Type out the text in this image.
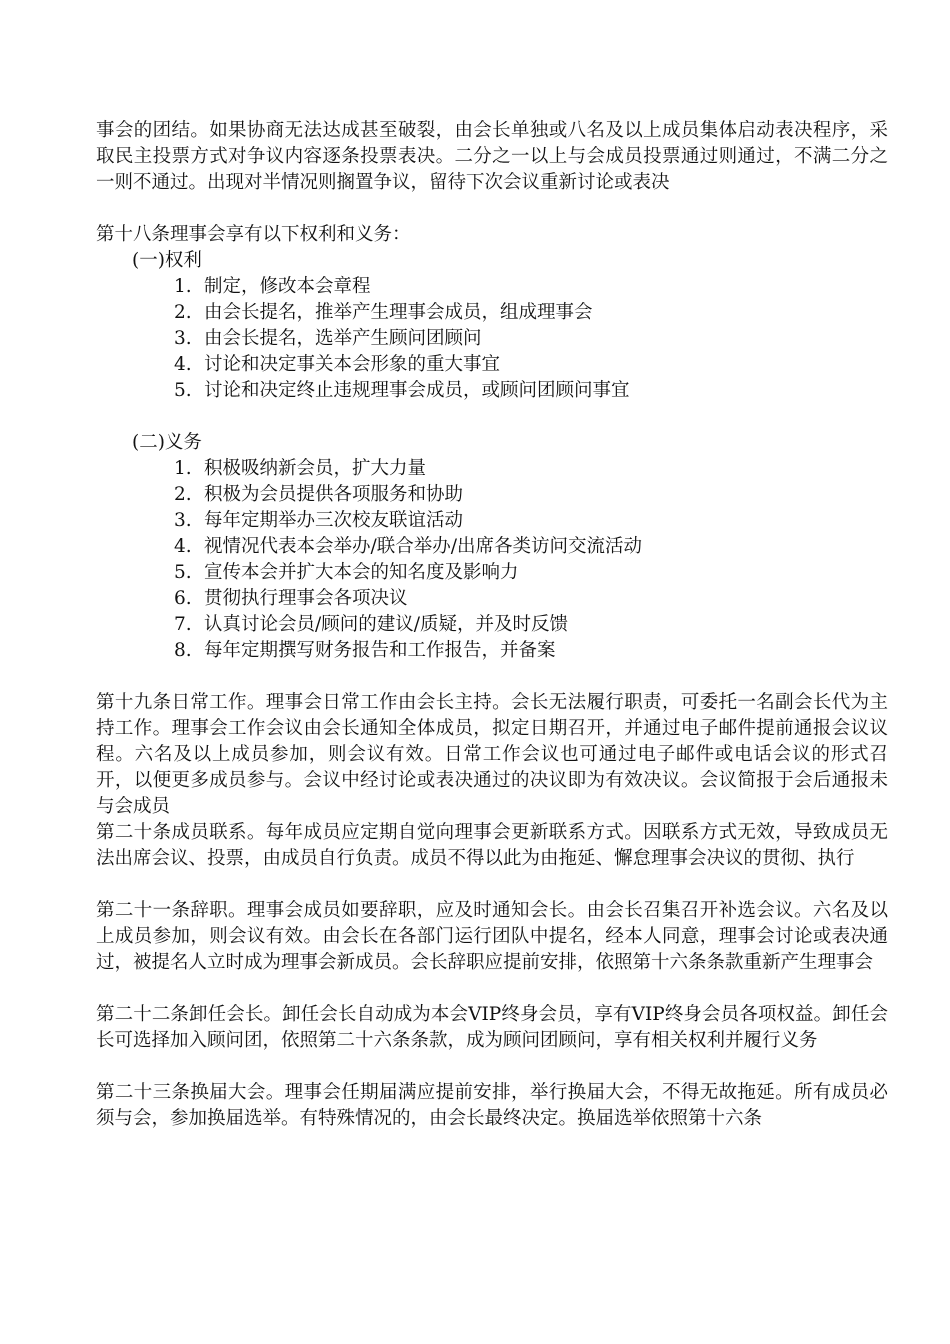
事会的团结。如果协商无法达成甚至破裂，由会长单独或八名及以上成员集体启动表决程序，采取民主投票方式对争议内容逐条投票表决。二分之一以上与会成员投票通过则通过，不满二分之一则不通过。出现对半情况则搁置争议，留待下次会议重新讨论或表决

第十八条理事会享有以下权利和义务：

(一)权利

1. 制定，修改本会章程
2. 由会长提名，推举产生理事会成员，组成理事会
3. 由会长提名，选举产生顾问团顾问
4. 讨论和决定事关本会形象的重大事宜
5. 讨论和决定终止违规理事会成员，或顾问团顾问事宜

(二)义务

1. 积极吸纳新会员，扩大力量
2. 积极为会员提供各项服务和协助
3. 每年定期举办三次校友联谊活动
4. 视情况代表本会举办/联合举办/出席各类访问交流活动
5. 宣传本会并扩大本会的知名度及影响力
6. 贯彻执行理事会各项决议
7. 认真讨论会员/顾问的建议/质疑，并及时反馈
8. 每年定期撰写财务报告和工作报告，并备案

第十九条日常工作。理事会日常工作由会长主持。会长无法履行职责，可委托一名副会长代为主持工作。理事会工作会议由会长通知全体成员，拟定日期召开，并通过电子邮件提前通报会议议程。六名及以上成员参加，则会议有效。日常工作会议也可通过电子邮件或电话会议的形式召开，以便更多成员参与。会议中经讨论或表决通过的决议即为有效决议。会议简报于会后通报未与会成员

第二十条成员联系。每年成员应定期自觉向理事会更新联系方式。因联系方式无效，导致成员无法出席会议、投票，由成员自行负责。成员不得以此为由拖延、懈怠理事会决议的贯彻、执行

第二十一条辞职。理事会成员如要辞职，应及时通知会长。由会长召集召开补选会议。六名及以上成员参加，则会议有效。由会长在各部门运行团队中提名，经本人同意，理事会讨论或表决通过，被提名人立时成为理事会新成员。会长辞职应提前安排，依照第十六条条款重新产生理事会

第二十二条卸任会长。卸任会长自动成为本会VIP终身会员，享有VIP终身会员各项权益。卸任会长可选择加入顾问团，依照第二十六条条款，成为顾问团顾问，享有相关权利并履行义务

第二十三条换届大会。理事会任期届满应提前安排，举行换届大会，不得无故拖延。所有成员必须与会，参加换届选举。有特殊情况的，由会长最终决定。换届选举依照第十六条
